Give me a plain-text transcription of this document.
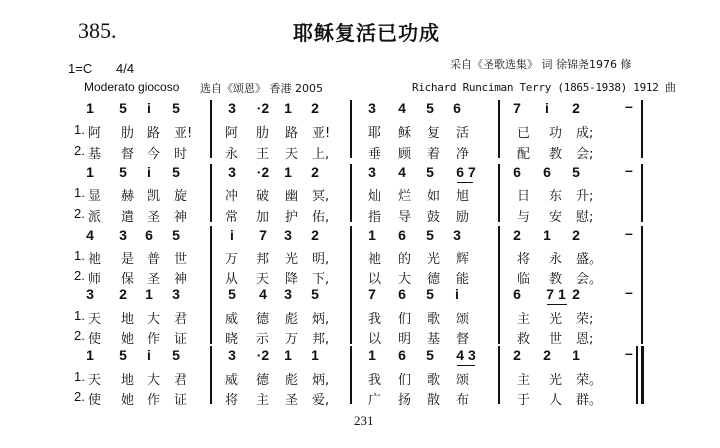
385.	耶稣复活已功成
采自《圣歌选集》 词 徐锦尧1976 修
1=C 4/4
Moderato giocoso 选自《颂恩》 香港 2005	Richard Runciman Terry (1865-1938) 1912 曲
1 5	i	5	3 ·2 1 2	3 4 5 6	7	i	2	–
1. 阿 肋 路 亚!	阿 肋 路 亚!	耶 稣 复 活	已 功 成;
2. 基 督 今 时	永 王 天 上,	垂 顾 着 净	配 教 会;
1 5	i	5	3 ·2 1 2	3 4 5 6 7	6 6 5	–
1. 显 赫 凯 旋	冲 破 幽 冥,	灿 烂 如 旭	日 东 升;
2. 派 遣 圣 神	常 加 护 佑,	指 导 鼓 励	与 安 慰;
4 3 6 5	i	7 3 2	1 6 5 3	2 1 2	–
1. 祂 是 普 世	万 邦 光 明,	祂 的 光 辉	将 永 盛。
2. 师 保 圣 神	从 天 降 下,	以 大 德 能	临 教 会。
3 2 1 3	5 4 3 5	7 6 5	i	6 7 1 2	–
1. 天 地 大 君	威 德 彪 炳,	我 们 歌 颂	主 光 荣;
2. 使 她 作 证	晓 示 万 邦,	以 明 基 督	救 世 恩;
1 5	i	5	3 ·2 1 1	1 6 5 4 3	2 2 1	–
1. 天 地 大 君	威 德 彪 炳,	我 们 歌 颂	主 光 荣。
2. 使 她 作 证	将 主 圣 爱,	广 扬 散 布	于 人 群。
231
